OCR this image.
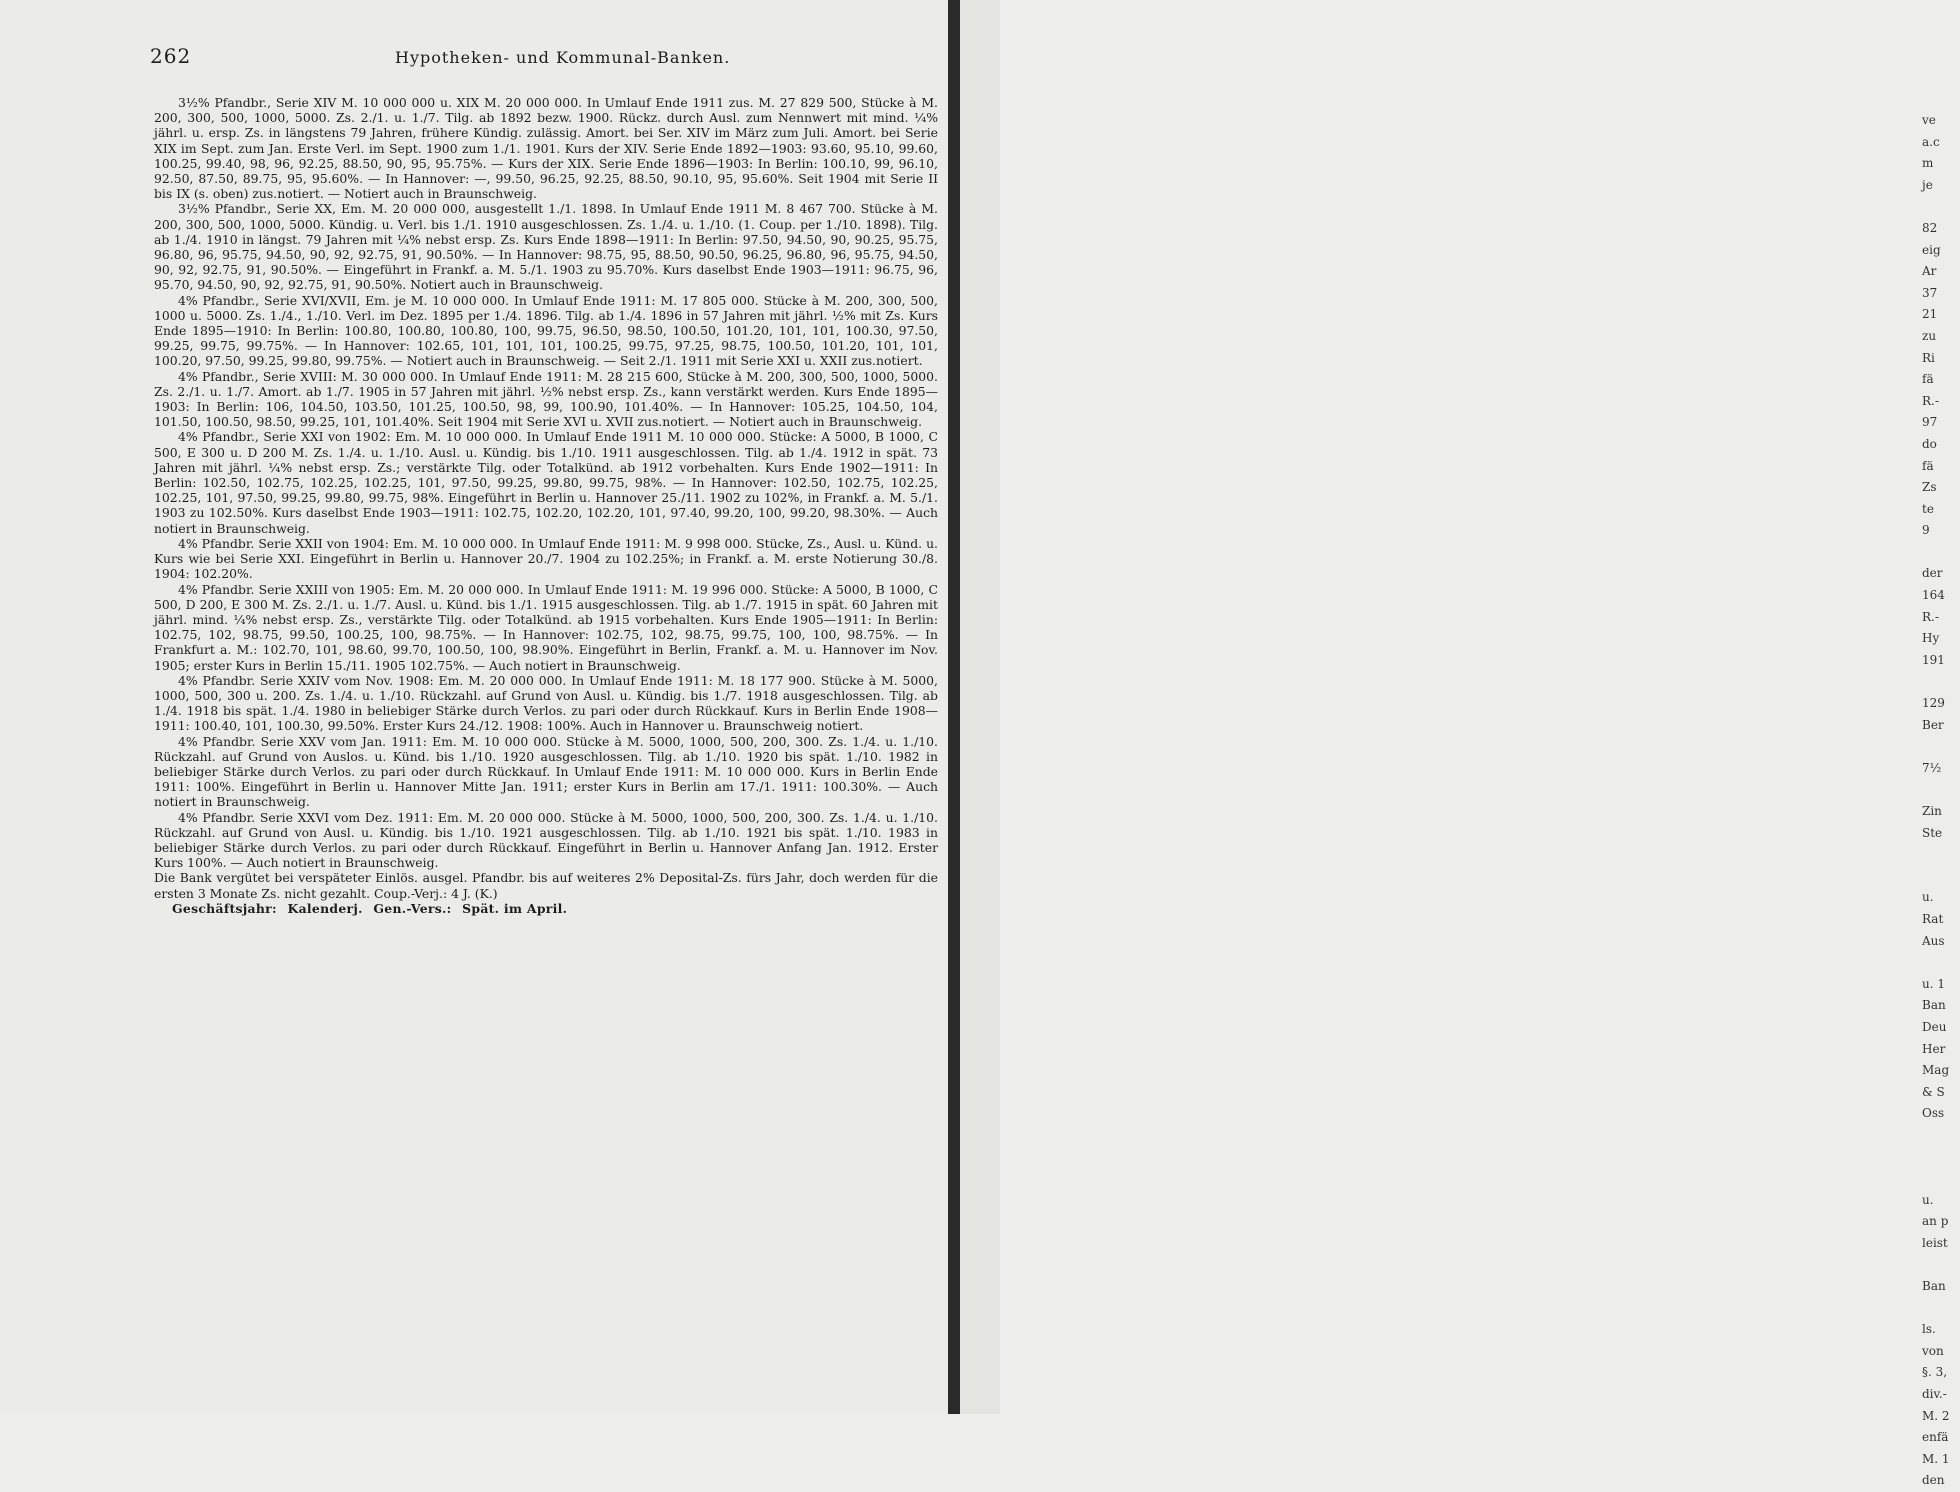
262	Hypotheken- und Kommunal-Banken.

3½% Pfandbr., Serie XIV M. 10 000 000 u. XIX M. 20 000 000. In Umlauf Ende 1911 zus. M. 27 829 500, Stücke à M. 200, 300, 500, 1000, 5000. Zs. 2./1. u. 1./7. Tilg. ab 1892 bezw. 1900. Rückz. durch Ausl. zum Nennwert mit mind. ¼% jährl. u. ersp. Zs. in längstens 79 Jahren, frühere Kündig. zulässig. Amort. bei Ser. XIV im März zum Juli. Amort. bei Serie XIX im Sept. zum Jan. Erste Verl. im Sept. 1900 zum 1./1. 1901. Kurs der XIV. Serie Ende 1892—1903: 93.60, 95.10, 99.60, 100.25, 99.40, 98, 96, 92.25, 88.50, 90, 95, 95.75%. — Kurs der XIX. Serie Ende 1896—1903: In Berlin: 100.10, 99, 96.10, 92.50, 87.50, 89.75, 95, 95.60%. — In Hannover: —, 99.50, 96.25, 92.25, 88.50, 90.10, 95, 95.60%. Seit 1904 mit Serie II bis IX (s. oben) zus.notiert. — Notiert auch in Braunschweig.

3½% Pfandbr., Serie XX, Em. M. 20 000 000, ausgestellt 1./1. 1898. In Umlauf Ende 1911 M. 8 467 700. Stücke à M. 200, 300, 500, 1000, 5000. Kündig. u. Verl. bis 1./1. 1910 ausgeschlossen. Zs. 1./4. u. 1./10. (1. Coup. per 1./10. 1898). Tilg. ab 1./4. 1910 in längst. 79 Jahren mit ¼% nebst ersp. Zs. Kurs Ende 1898—1911: In Berlin: 97.50, 94.50, 90, 90.25, 95.75, 96.80, 96, 95.75, 94.50, 90, 92, 92.75, 91, 90.50%. — In Hannover: 98.75, 95, 88.50, 90.50, 96.25, 96.80, 96, 95.75, 94.50, 90, 92, 92.75, 91, 90.50%. — Eingeführt in Frankf. a. M. 5./1. 1903 zu 95.70%. Kurs daselbst Ende 1903—1911: 96.75, 96, 95.70, 94.50, 90, 92, 92.75, 91, 90.50%. Notiert auch in Braunschweig.

4% Pfandbr., Serie XVI/XVII, Em. je M. 10 000 000. In Umlauf Ende 1911: M. 17 805 000. Stücke à M. 200, 300, 500, 1000 u. 5000. Zs. 1./4., 1./10. Verl. im Dez. 1895 per 1./4. 1896. Tilg. ab 1./4. 1896 in 57 Jahren mit jährl. ½% mit Zs. Kurs Ende 1895—1910: In Berlin: 100.80, 100.80, 100.80, 100, 99.75, 96.50, 98.50, 100.50, 101.20, 101, 101, 100.30, 97.50, 99.25, 99.75, 99.75%. — In Hannover: 102.65, 101, 101, 101, 100.25, 99.75, 97.25, 98.75, 100.50, 101.20, 101, 101, 100.20, 97.50, 99.25, 99.80, 99.75%. — Notiert auch in Braunschweig. — Seit 2./1. 1911 mit Serie XXI u. XXII zus.notiert.

4% Pfandbr., Serie XVIII: M. 30 000 000. In Umlauf Ende 1911: M. 28 215 600, Stücke à M. 200, 300, 500, 1000, 5000. Zs. 2./1. u. 1./7. Amort. ab 1./7. 1905 in 57 Jahren mit jährl. ½% nebst ersp. Zs., kann verstärkt werden. Kurs Ende 1895—1903: In Berlin: 106, 104.50, 103.50, 101.25, 100.50, 98, 99, 100.90, 101.40%. — In Hannover: 105.25, 104.50, 104, 101.50, 100.50, 98.50, 99.25, 101, 101.40%. Seit 1904 mit Serie XVI u. XVII zus.notiert. — Notiert auch in Braunschweig.

4% Pfandbr., Serie XXI von 1902: Em. M. 10 000 000. In Umlauf Ende 1911 M. 10 000 000. Stücke: A 5000, B 1000, C 500, E 300 u. D 200 M. Zs. 1./4. u. 1./10. Ausl. u. Kündig. bis 1./10. 1911 ausgeschlossen. Tilg. ab 1./4. 1912 in spät. 73 Jahren mit jährl. ¼% nebst ersp. Zs.; verstärkte Tilg. oder Totalkünd. ab 1912 vorbehalten. Kurs Ende 1902—1911: In Berlin: 102.50, 102.75, 102.25, 102.25, 101, 97.50, 99.25, 99.80, 99.75, 98%. — In Hannover: 102.50, 102.75, 102.25, 102.25, 101, 97.50, 99.25, 99.80, 99.75, 98%. Eingeführt in Berlin u. Hannover 25./11. 1902 zu 102%, in Frankf. a. M. 5./1. 1903 zu 102.50%. Kurs daselbst Ende 1903—1911: 102.75, 102.20, 102.20, 101, 97.40, 99.20, 100, 99.20, 98.30%. — Auch notiert in Braunschweig.

4% Pfandbr. Serie XXII von 1904: Em. M. 10 000 000. In Umlauf Ende 1911: M. 9 998 000. Stücke, Zs., Ausl. u. Künd. u. Kurs wie bei Serie XXI. Eingeführt in Berlin u. Hannover 20./7. 1904 zu 102.25%; in Frankf. a. M. erste Notierung 30./8. 1904: 102.20%.

4% Pfandbr. Serie XXIII von 1905: Em. M. 20 000 000. In Umlauf Ende 1911: M. 19 996 000. Stücke: A 5000, B 1000, C 500, D 200, E 300 M. Zs. 2./1. u. 1./7. Ausl. u. Künd. bis 1./1. 1915 ausgeschlossen. Tilg. ab 1./7. 1915 in spät. 60 Jahren mit jährl. mind. ¼% nebst ersp. Zs., verstärkte Tilg. oder Totalkünd. ab 1915 vorbehalten. Kurs Ende 1905—1911: In Berlin: 102.75, 102, 98.75, 99.50, 100.25, 100, 98.75%. — In Hannover: 102.75, 102, 98.75, 99.75, 100, 100, 98.75%. — In Frankfurt a. M.: 102.70, 101, 98.60, 99.70, 100.50, 100, 98.90%. Eingeführt in Berlin, Frankf. a. M. u. Hannover im Nov. 1905; erster Kurs in Berlin 15./11. 1905 102.75%. — Auch notiert in Braunschweig.

4% Pfandbr. Serie XXIV vom Nov. 1908: Em. M. 20 000 000. In Umlauf Ende 1911: M. 18 177 900. Stücke à M. 5000, 1000, 500, 300 u. 200. Zs. 1./4. u. 1./10. Rückzahl. auf Grund von Ausl. u. Kündig. bis 1./7. 1918 ausgeschlossen. Tilg. ab 1./4. 1918 bis spät. 1./4. 1980 in beliebiger Stärke durch Verlos. zu pari oder durch Rückkauf. Kurs in Berlin Ende 1908—1911: 100.40, 101, 100.30, 99.50%. Erster Kurs 24./12. 1908: 100%. Auch in Hannover u. Braunschweig notiert.

4% Pfandbr. Serie XXV vom Jan. 1911: Em. M. 10 000 000. Stücke à M. 5000, 1000, 500, 200, 300. Zs. 1./4. u. 1./10. Rückzahl. auf Grund von Auslos. u. Künd. bis 1./10. 1920 ausgeschlossen. Tilg. ab 1./10. 1920 bis spät. 1./10. 1982 in beliebiger Stärke durch Verlos. zu pari oder durch Rückkauf. In Umlauf Ende 1911: M. 10 000 000. Kurs in Berlin Ende 1911: 100%. Eingeführt in Berlin u. Hannover Mitte Jan. 1911; erster Kurs in Berlin am 17./1. 1911: 100.30%. — Auch notiert in Braunschweig.

4% Pfandbr. Serie XXVI vom Dez. 1911: Em. M. 20 000 000. Stücke à M. 5000, 1000, 500, 200, 300. Zs. 1./4. u. 1./10. Rückzahl. auf Grund von Ausl. u. Kündig. bis 1./10. 1921 ausgeschlossen. Tilg. ab 1./10. 1921 bis spät. 1./10. 1983 in beliebiger Stärke durch Verlos. zu pari oder durch Rückkauf. Eingeführt in Berlin u. Hannover Anfang Jan. 1912. Erster Kurs 100%. — Auch notiert in Braunschweig.

Die Bank vergütet bei verspäteter Einlös. ausgel. Pfandbr. bis auf weiteres 2% Deposital-Zs. fürs Jahr, doch werden für die ersten 3 Monate Zs. nicht gezahlt. Coup.-Verj.: 4 J. (K.)

Geschäftsjahr: Kalenderj. Gen.-Vers.: Spät. im April.

ve
a.c
m
je
82
eig
Ar
37
21
zu
Ri
fä
R.-
97
do
fä
Zs
te
9
der
164
R.-
Hy
191
129
Ber
7½
Zin
Ste
u.
Rat
Aus
u. 1
Ban
Deu
Her
Mag
& S
Oss
u.
an p
leist
Ban
ls.
von
§. 3,
div.-
M. 2
enfä
M. 1
den
